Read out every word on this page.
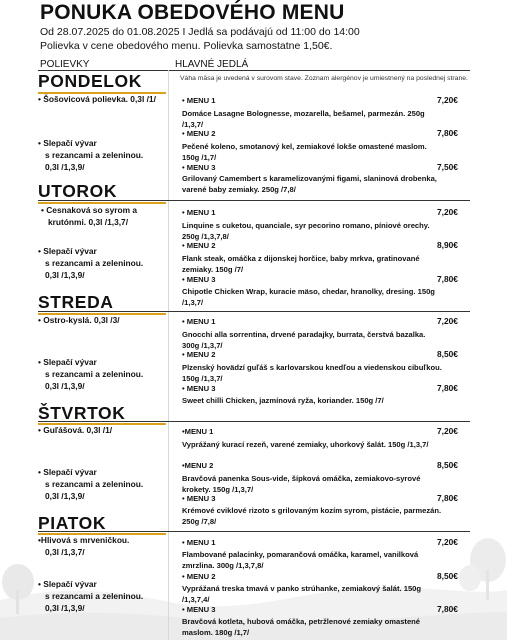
PONUKA OBEDOVÉHO MENU
Od 28.07.2025 do 01.08.2025 I Jedlá sa podávajú od 11:00 do 14:00
Polievka v cene obedového menu. Polievka samostatne 1,50€.
POLIEVKY	HLAVNÉ JEDLÁ
Váha mäsa je uvedená v surovom stave. Zoznam alergénov je umiestnený na poslednej strane.
PONDELOK
• Šošovicová polievka. 0,3l /1/
• Slepačí vývar
s rezancami a zeleninou.
0,3l /1,3,9/
• MENU 1	7,20€
Domáce Lasagne Bolognesse, mozarella, bešamel, parmezán. 250g /1,3,7/
• MENU 2	7,80€
Pečené koleno, smotanový kel, zemiakové lokše omastené maslom. 150g /1,7/
• MENU 3	7,50€
Grilovaný Camembert s karamelizovanými figami, slaninová drobenka, varené baby zemiaky. 250g /7,8/
UTOROK
• Cesnaková so syrom a
krutónmi. 0,3l /1,3,7/
• Slepačí vývar
s rezancami a zeleninou.
0,3l /1,3,9/
• MENU 1	7,20€
Linquine s cuketou, quanciale, syr pecorino romano, píniové orechy. 250g /1,3,7,8/
• MENU 2	8,90€
Flank steak, omáčka z dijonskej horčice, baby mrkva, gratinované zemiaky. 150g /7/
• MENU 3	7,80€
Chipotle Chicken Wrap, kuracie mäso, chedar, hranolky, dresing. 150g /1,3,7/
STREDA
• Ostro-kyslá. 0,3l /3/
• Slepačí vývar
s rezancami a zeleninou.
0,3l /1,3,9/
• MENU 1	7,20€
Gnocchi alla sorrentina, drvené paradajky, burrata, čerstvá bazalka. 300g /1,3,7/
• MENU 2	8,50€
Plzenský hovädzí guľáš s karlovarskou knedľou a viedenskou cibuľkou. 150g /1,3,7/
• MENU 3	7,80€
Sweet chilli Chicken, jazmínová ryža, koriander. 150g /7/
ŠTVRTOK
• Guľášová. 0,3l /1/
• Slepačí vývar
s rezancami a zeleninou.
0,3l /1,3,9/
•MENU 1	7,20€
Vyprážaný kurací rezeň, varené zemiaky, uhorkový šalát. 150g /1,3,7/
•MENU 2	8,50€
Bravčová panenka Sous-vide, šípková omáčka, zemiakovo-syrové krokety. 150g /1,3,7/
• MENU 3	7,80€
Krémové cviklové rizoto s grilovaným kozím syrom, pistácie, parmezán. 250g /7,8/
PIATOK
•Hlivová s mrveničkou.
0,3l /1,3,7/
• Slepačí vývar
s rezancami a zeleninou.
0,3l /1,3,9/
• MENU 1	7,20€
Flambované palacinky, pomarančová omáčka, karamel, vanilková zmrzlina. 300g /1,3,7,8/
• MENU 2	8,50€
Vyprážaná treska tmavá v panko strúhanke, zemiakový šalát. 150g /1,3,7,4/
• MENU 3	7,80€
Bravčová kotleta, hubová omáčka, petržlenové zemiaky omastené maslom. 180g /1,7/
